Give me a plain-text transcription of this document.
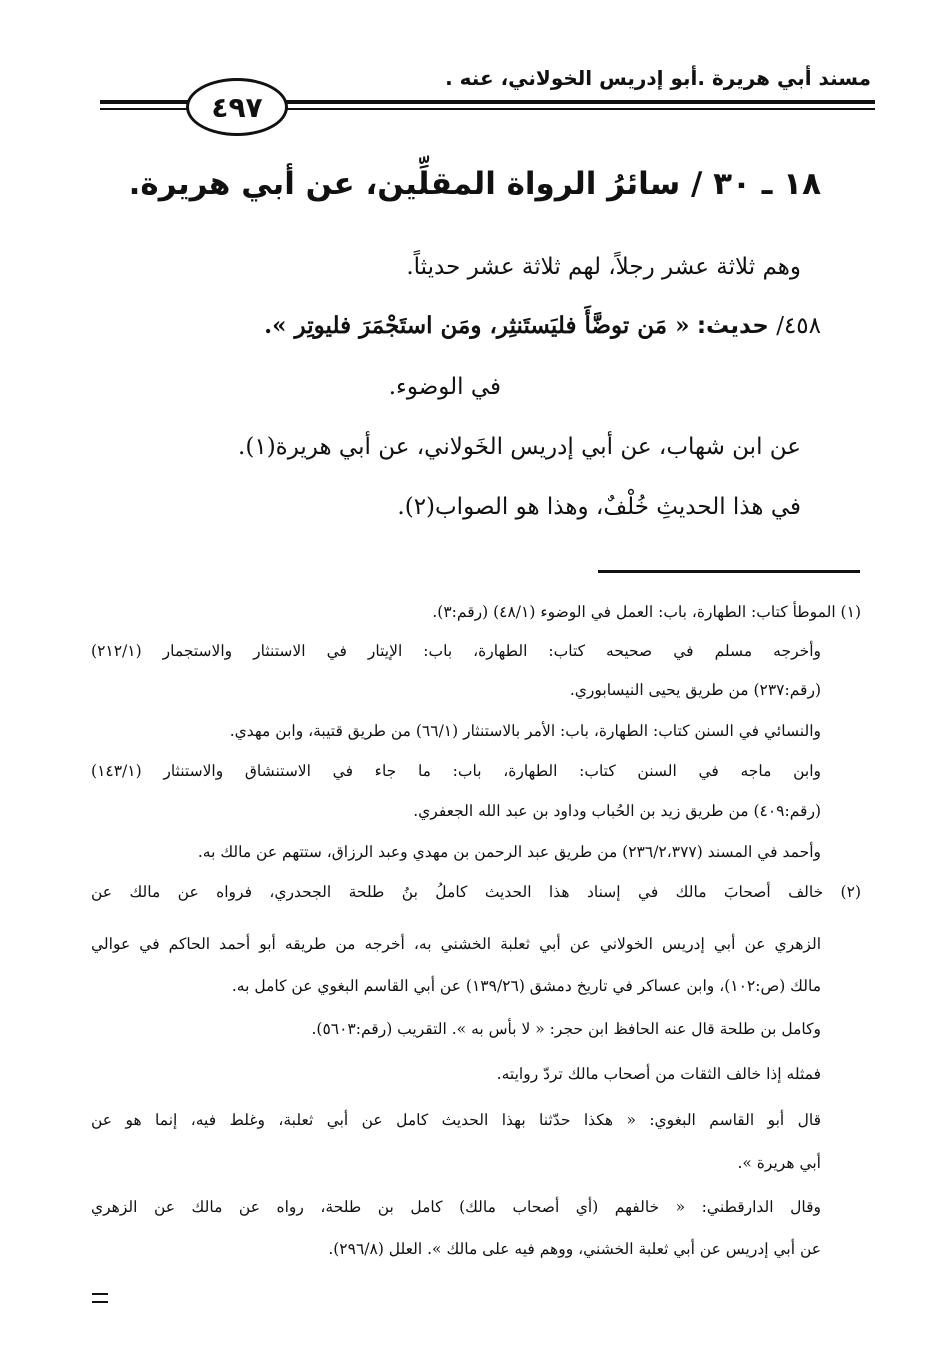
مسند أبي هريرة .أبو إدريس الخولاني، عنه .
٤٩٧
١٨ ـ ٣٠ / سائرُ الرواة المقلِّين، عن أبي هريرة.
وهم ثلاثة عشر رجلاً، لهم ثلاثة عشر حديثاً.
٤٥٨/ حديث: « مَن توضَّأَ فليَستَنثِر، ومَن استَجْمَرَ فليوتِر ».
في الوضوء.
عن ابن شهاب، عن أبي إدريس الخَولاني، عن أبي هريرة(١).
في هذا الحديثِ خُلْفٌ، وهذا هو الصواب(٢).
(١) الموطأ كتاب: الطهارة، باب: العمل في الوضوء (٤٨/١) (رقم:٣).
وأخرجه مسلم في صحيحه كتاب: الطهارة، باب: الإيتار في الاستنثار والاستجمار (٢١٢/١)
(رقم:٢٣٧) من طريق يحيى النيسابوري.
والنسائي في السنن كتاب: الطهارة، باب: الأمر بالاستنثار (٦٦/١) من طريق قتيبة، وابن مهدي.
وابن ماجه في السنن كتاب: الطهارة، باب: ما جاء في الاستنشاق والاستنثار (١٤٣/١)
(رقم:٤٠٩) من طريق زيد بن الحُباب وداود بن عبد الله الجعفري.
وأحمد في المسند (٢٣٦/٢،٣٧٧) من طريق عبد الرحمن بن مهدي وعبد الرزاق، ستتهم عن مالك به.
(٢) خالف أصحابَ مالك في إسناد هذا الحديث كاملُ بنُ طلحة الجحدري، فرواه عن مالك عن
الزهري عن أبي إدريس الخولاني عن أبي ثعلبة الخشني به، أخرجه من طريقه أبو أحمد الحاكم في عوالي
مالك (ص:١٠٢)، وابن عساكر في تاريخ دمشق (١٣٩/٢٦) عن أبي القاسم البغوي عن كامل به.
وكامل بن طلحة قال عنه الحافظ ابن حجر: « لا بأس به ». التقريب (رقم:٥٦٠٣).
فمثله إذا خالف الثقات من أصحاب مالك تردّ روايته.
قال أبو القاسم البغوي: « هكذا حدّثنا بهذا الحديث كامل عن أبي ثعلبة، وغلط فيه، إنما هو عن
أبي هريرة ».
وقال الدارقطني: « خالفهم (أي أصحاب مالك) كامل بن طلحة، رواه عن مالك عن الزهري
عن أبي إدريس عن أبي ثعلبة الخشني، ووهم فيه على مالك ». العلل (٢٩٦/٨).
